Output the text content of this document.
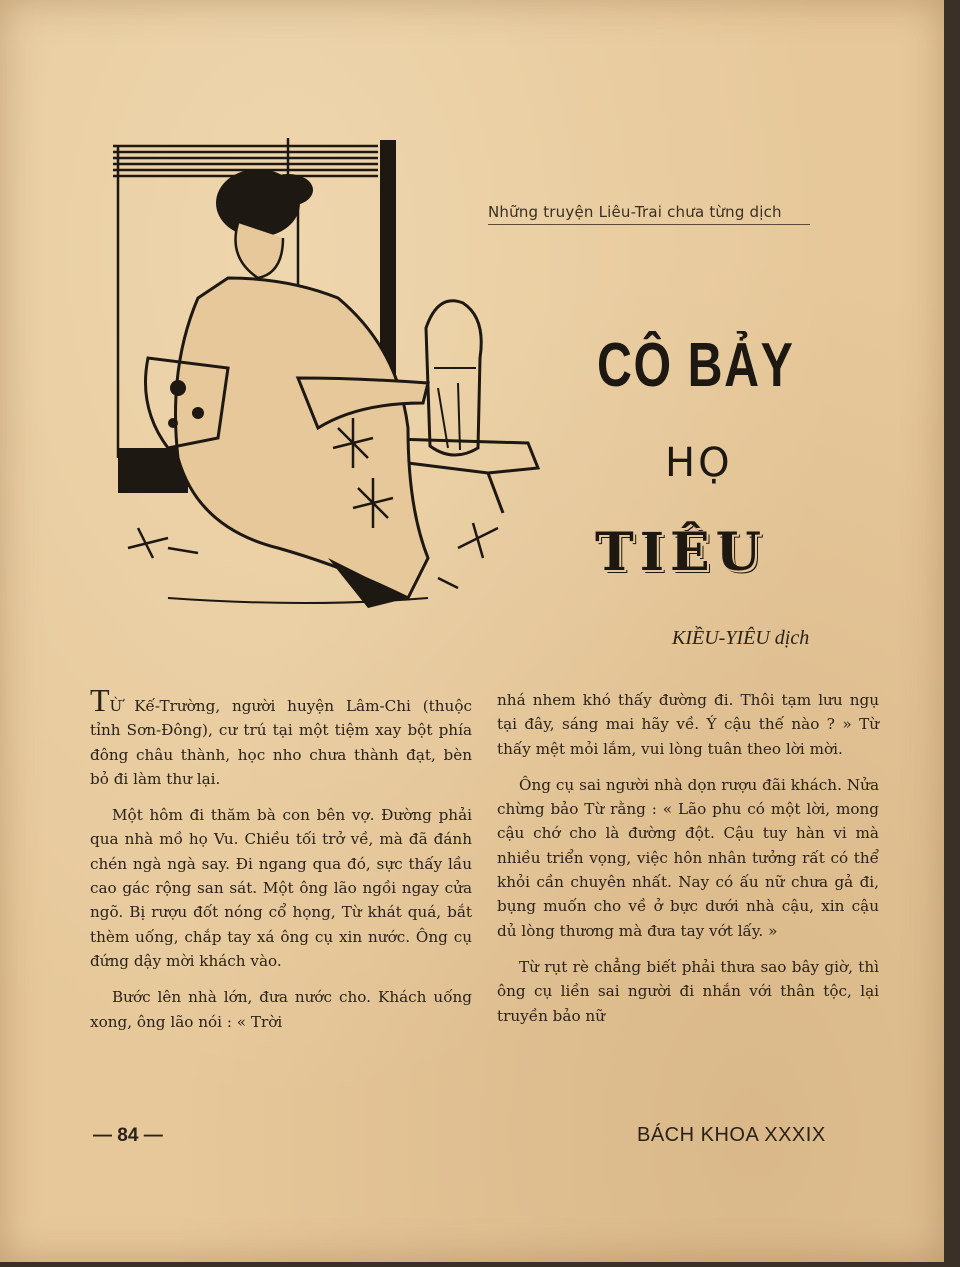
Những truyện Liêu-Trai chưa từng dịch
CÔ BẢY
HỌ
TIÊU
KIỀU-YIÊU dịch

TỪ Kế-Trường, người huyện Lâm-Chi (thuộc tỉnh Sơn-Đông), cư trú tại một tiệm xay bột phía đông châu thành, học nho chưa thành đạt, bèn bỏ đi làm thư lại.

Một hôm đi thăm bà con bên vợ. Đường phải qua nhà mồ họ Vu. Chiều tối trở về, mà đã đánh chén ngà ngà say. Đi ngang qua đó, sực thấy lầu cao gác rộng san sát. Một ông lão ngồi ngay cửa ngõ. Bị rượu đốt nóng cổ họng, Từ khát quá, bắt thèm uống, chắp tay xá ông cụ xin nước. Ông cụ đứng dậy mời khách vào.

Bước lên nhà lớn, đưa nước cho. Khách uống xong, ông lão nói : « Trời

nhá nhem khó thấy đường đi. Thôi tạm lưu ngụ tại đây, sáng mai hãy về. Ý cậu thế nào ? » Từ thấy mệt mỏi lắm, vui lòng tuân theo lời mời.

Ông cụ sai người nhà dọn rượu đãi khách. Nửa chừng bảo Từ rằng : « Lão phu có một lời, mong cậu chớ cho là đường đột. Cậu tuy hàn vi mà nhiều triển vọng, việc hôn nhân tưởng rất có thể khỏi cần chuyên nhất. Nay có ấu nữ chưa gả đi, bụng muốn cho về ở bực dưới nhà cậu, xin cậu dủ lòng thương mà đưa tay vớt lấy. »

Từ rụt rè chẳng biết phải thưa sao bây giờ, thì ông cụ liền sai người đi nhắn với thân tộc, lại truyền bảo nữ

— 84 —	BÁCH KHOA XXXIX
